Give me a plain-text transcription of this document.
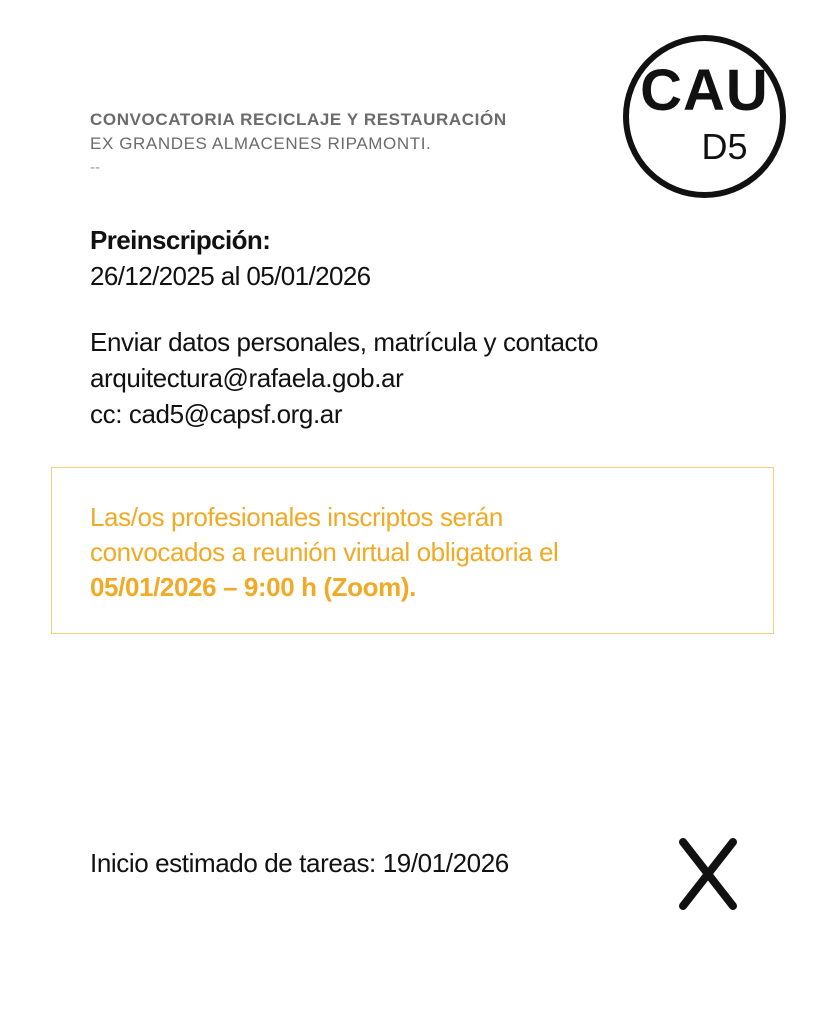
CONVOCATORIA RECICLAJE Y RESTAURACIÓN
EX GRANDES ALMACENES RIPAMONTI.
--
CAU
D5
Preinscripción:
26/12/2025 al 05/01/2026
Enviar datos personales, matrícula y contacto
arquitectura@rafaela.gob.ar
cc: cad5@capsf.org.ar
Las/os profesionales inscriptos serán
convocados a reunión virtual obligatoria el
05/01/2026 – 9:00 h (Zoom).
Inicio estimado de tareas: 19/01/2026
